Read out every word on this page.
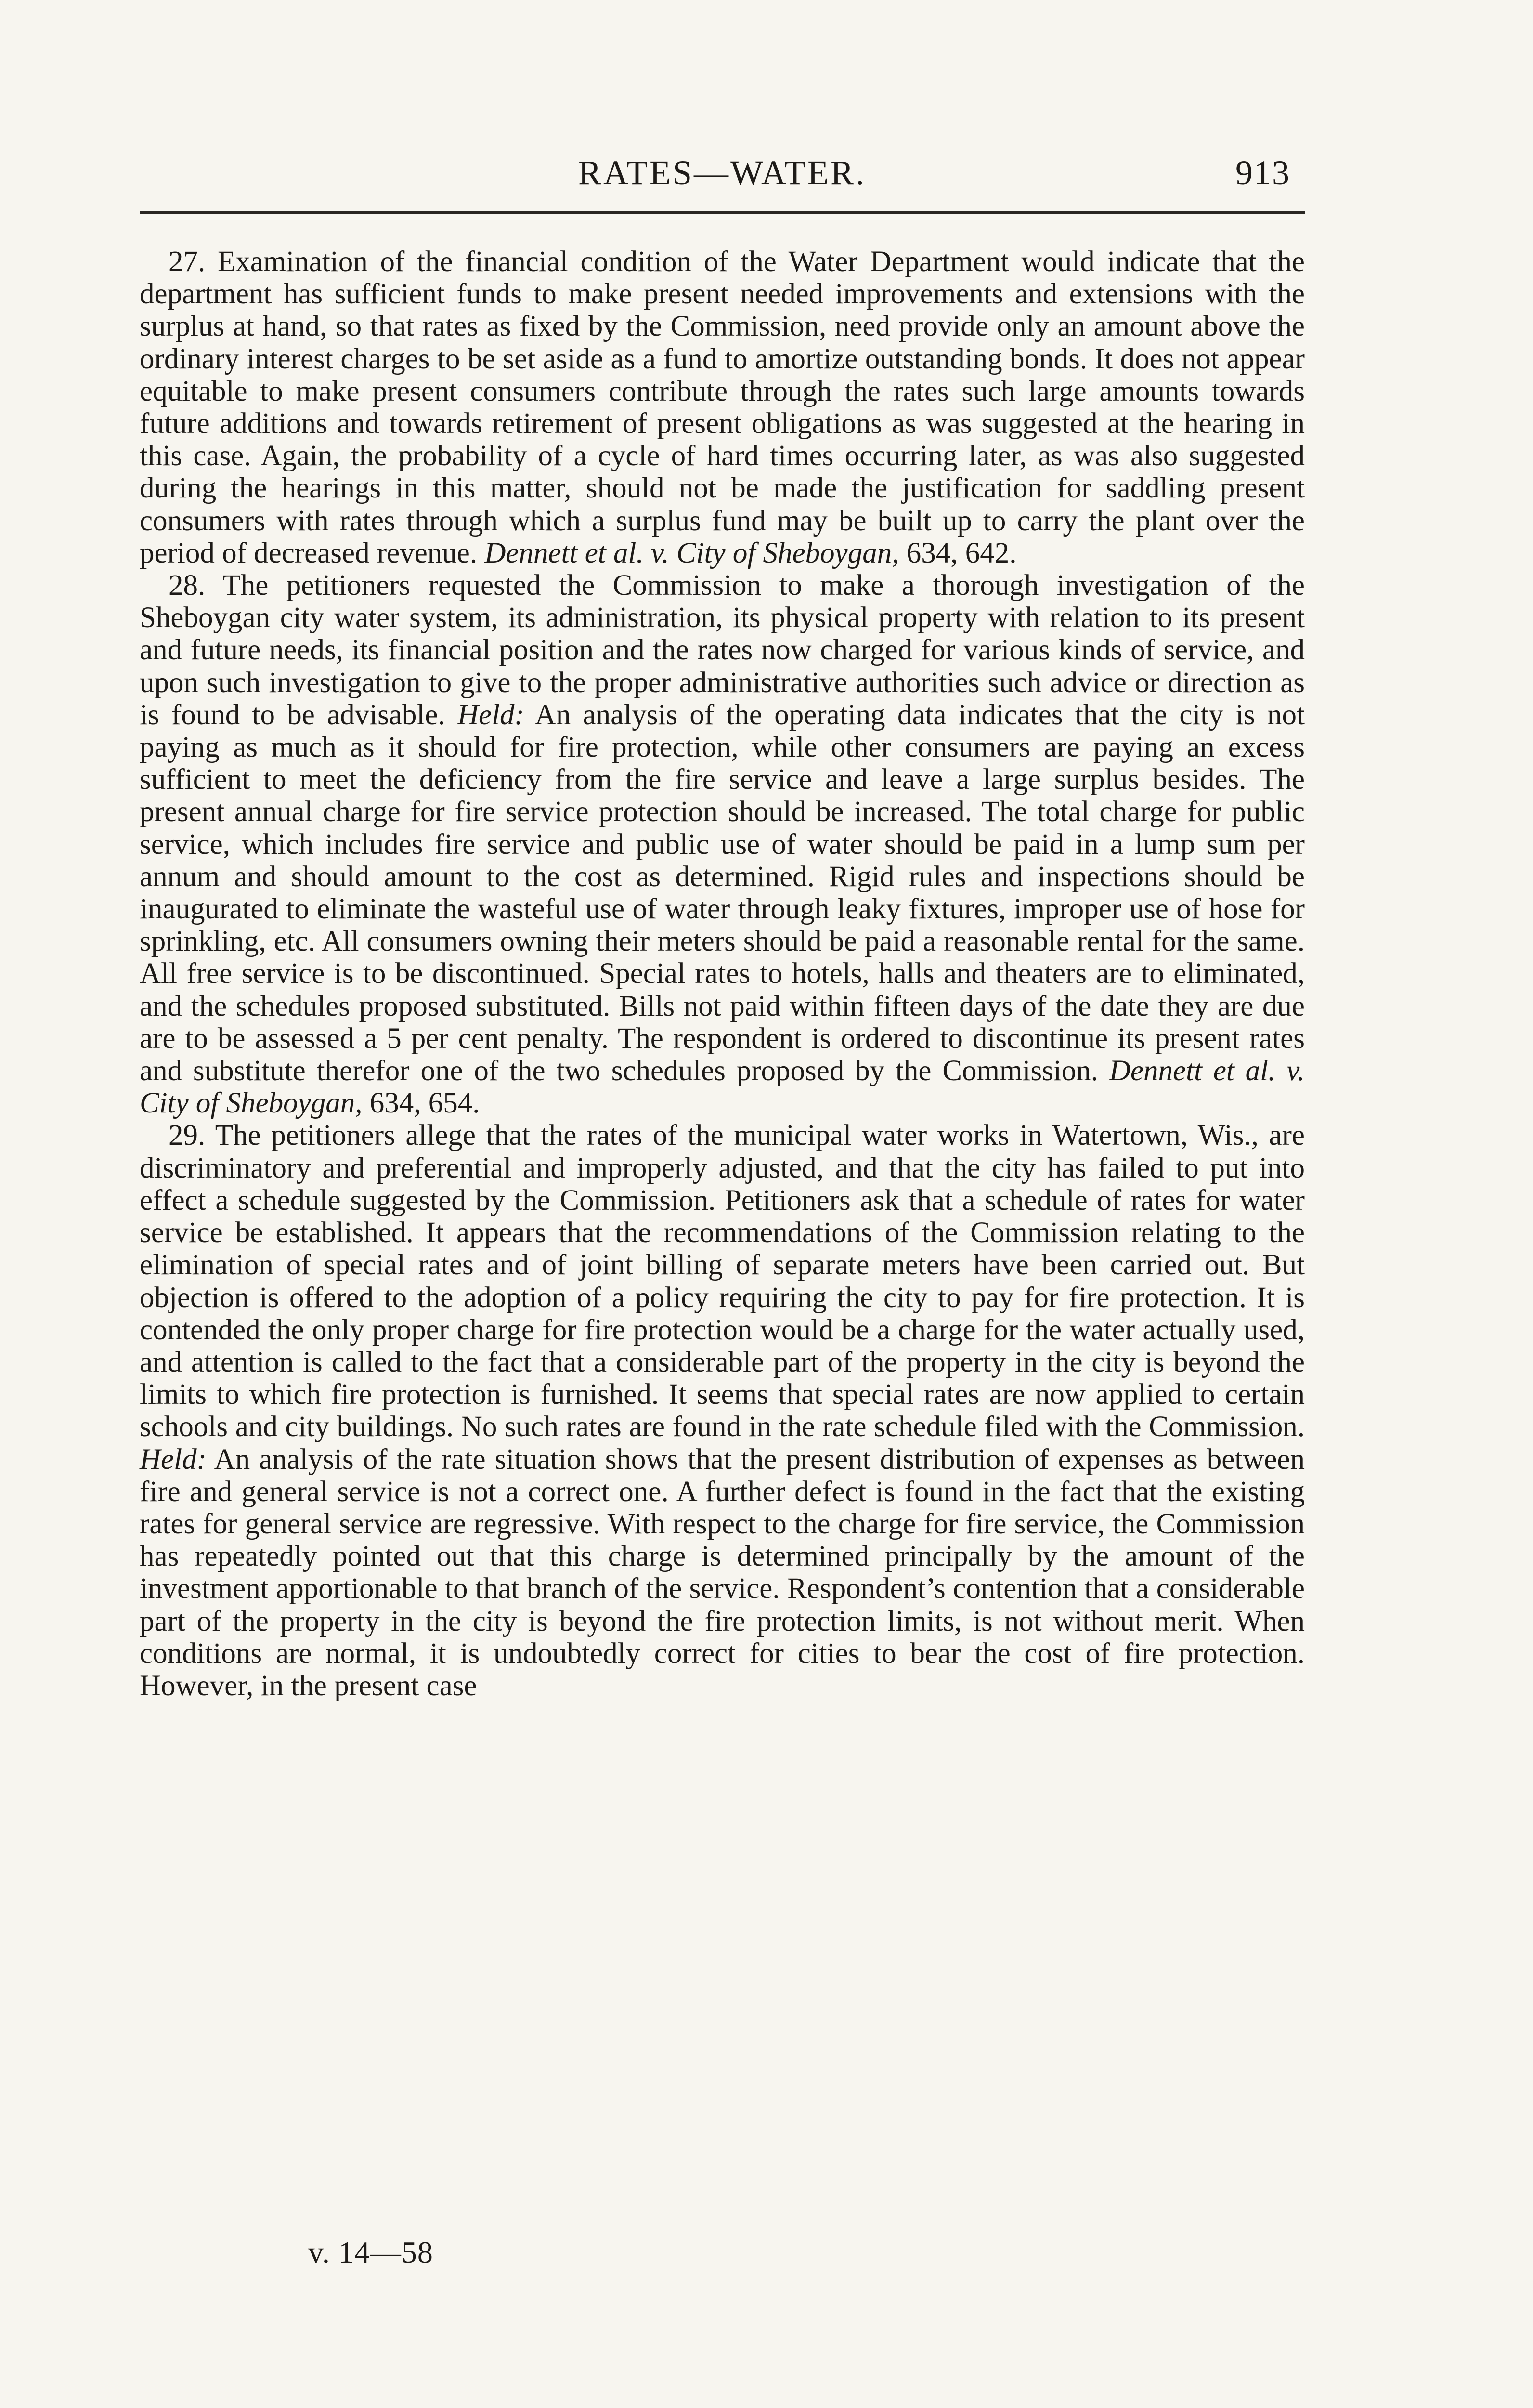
RATES—WATER.	913

27. Examination of the financial condition of the Water Department would indicate that the department has sufficient funds to make present needed improvements and extensions with the surplus at hand, so that rates as fixed by the Commission, need provide only an amount above the ordinary interest charges to be set aside as a fund to amortize outstanding bonds. It does not appear equitable to make present consumers contribute through the rates such large amounts towards future additions and towards retirement of present obligations as was suggested at the hearing in this case. Again, the probability of a cycle of hard times occurring later, as was also suggested during the hearings in this matter, should not be made the justification for saddling present consumers with rates through which a surplus fund may be built up to carry the plant over the period of decreased revenue. Dennett et al. v. City of Sheboygan, 634, 642.

28. The petitioners requested the Commission to make a thorough investigation of the Sheboygan city water system, its administration, its physical property with relation to its present and future needs, its financial position and the rates now charged for various kinds of service, and upon such investigation to give to the proper administrative authorities such advice or direction as is found to be advisable. Held: An analysis of the operating data indicates that the city is not paying as much as it should for fire protection, while other consumers are paying an excess sufficient to meet the deficiency from the fire service and leave a large surplus besides. The present annual charge for fire service protection should be increased. The total charge for public service, which includes fire service and public use of water should be paid in a lump sum per annum and should amount to the cost as determined. Rigid rules and inspections should be inaugurated to eliminate the wasteful use of water through leaky fixtures, improper use of hose for sprinkling, etc. All consumers owning their meters should be paid a reasonable rental for the same. All free service is to be discontinued. Special rates to hotels, halls and theaters are to eliminated, and the schedules proposed substituted. Bills not paid within fifteen days of the date they are due are to be assessed a 5 per cent penalty. The respondent is ordered to discontinue its present rates and substitute therefor one of the two schedules proposed by the Commission. Dennett et al. v. City of Sheboygan, 634, 654.

29. The petitioners allege that the rates of the municipal water works in Watertown, Wis., are discriminatory and preferential and improperly adjusted, and that the city has failed to put into effect a schedule suggested by the Commission. Petitioners ask that a schedule of rates for water service be established. It appears that the recommendations of the Commission relating to the elimination of special rates and of joint billing of separate meters have been carried out. But objection is offered to the adoption of a policy requiring the city to pay for fire protection. It is contended the only proper charge for fire protection would be a charge for the water actually used, and attention is called to the fact that a considerable part of the property in the city is beyond the limits to which fire protection is furnished. It seems that special rates are now applied to certain schools and city buildings. No such rates are found in the rate schedule filed with the Commission. Held: An analysis of the rate situation shows that the present distribution of expenses as between fire and general service is not a correct one. A further defect is found in the fact that the existing rates for general service are regressive. With respect to the charge for fire service, the Commission has repeatedly pointed out that this charge is determined principally by the amount of the investment apportionable to that branch of the service. Respondent’s contention that a considerable part of the property in the city is beyond the fire protection limits, is not without merit. When conditions are normal, it is undoubtedly correct for cities to bear the cost of fire protection. However, in the present case

v. 14—58
